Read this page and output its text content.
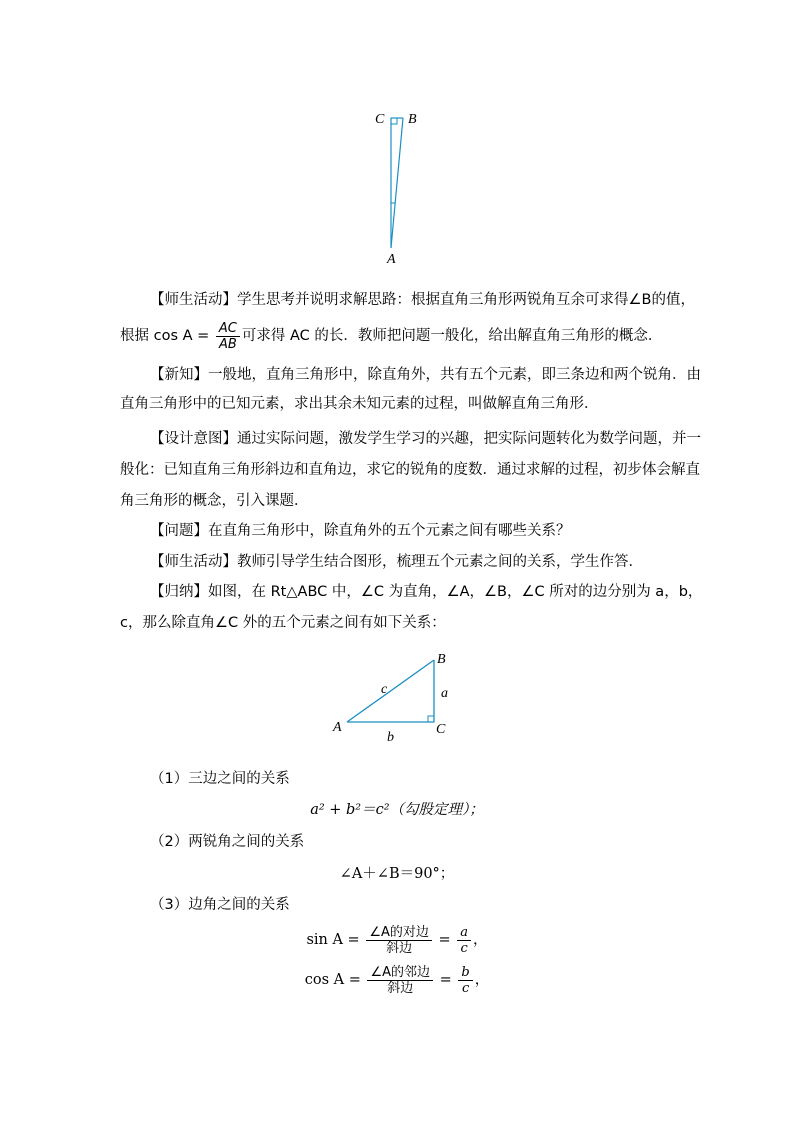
C B
A
【师生活动】学生思考并说明求解思路：根据直角三角形两锐角互余可求得∠B的值，
根据 $\cos A = \frac{AC}{AB}$ 可求得 AC 的长．教师把问题一般化，给出解直角三角形的概念．
【新知】一般地，直角三角形中，除直角外，共有五个元素，即三条边和两个锐角．由
直角三角形中的已知元素，求出其余未知元素的过程，叫做解直角三角形．
【设计意图】通过实际问题，激发学生学习的兴趣，把实际问题转化为数学问题，并一
般化：已知直角三角形斜边和直角边，求它的锐角的度数．通过求解的过程，初步体会解直
角三角形的概念，引入课题．
【问题】在直角三角形中，除直角外的五个元素之间有哪些关系？
【师生活动】教师引导学生结合图形，梳理五个元素之间的关系，学生作答．
【归纳】如图，在 Rt△ABC 中，∠C 为直角，∠A，∠B，∠C 所对的边分别为 a，b，
c，那么除直角∠C 外的五个元素之间有如下关系：
A
B
C
a
b
c
（1）三边之间的关系
a² + b²＝c²（勾股定理）；
（2）两锐角之间的关系
∠A＋∠B＝90°；
（3）边角之间的关系
$\sin A = \frac{\text{∠A的对边}}{\text{斜边}} = \frac{a}{c}$ ，
$\cos A = \frac{\text{∠A的邻边}}{\text{斜边}} = \frac{b}{c}$ ，
